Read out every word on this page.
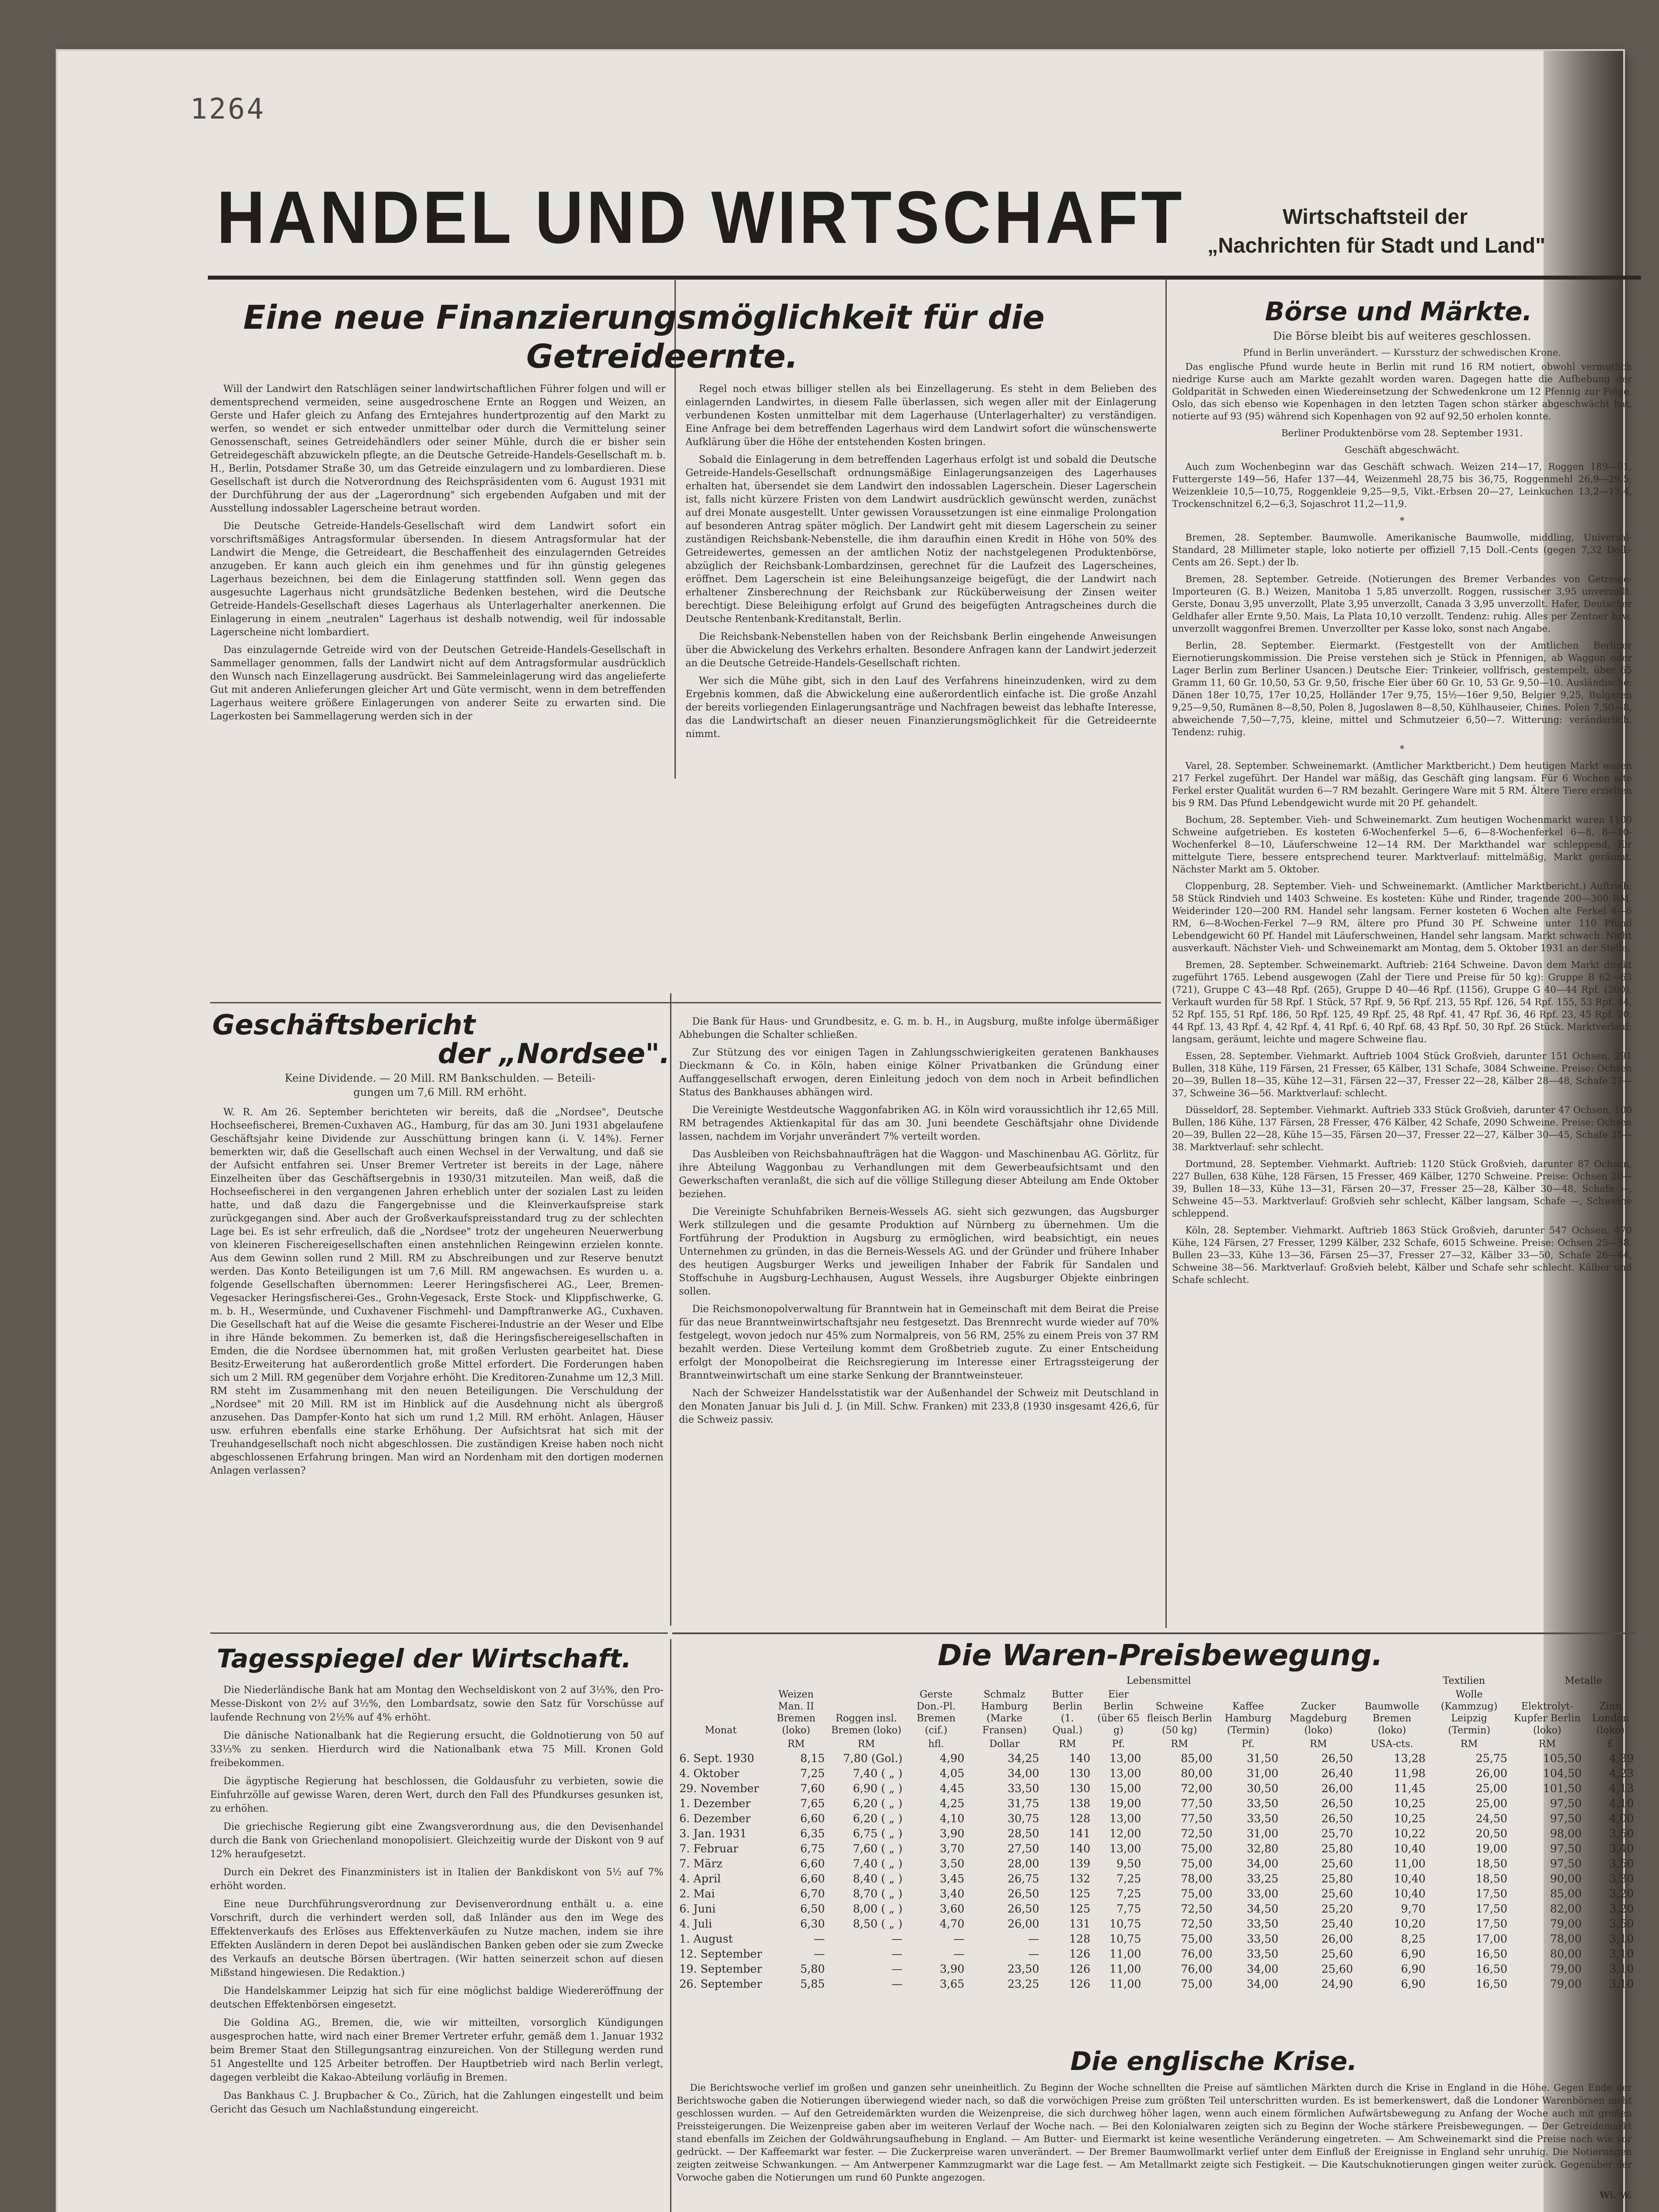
1264
HANDEL UND WIRTSCHAFT	Wirtschaftsteil der
„Nachrichten für Stadt und Land"
Eine neue Finanzierungsmöglichkeit für die
Getreideernte.

Will der Landwirt den Ratschlägen seiner landwirtschaftlichen Führer folgen und will er dementsprechend vermeiden, seine ausgedroschene Ernte an Roggen und Weizen, an Gerste und Hafer gleich zu Anfang des Erntejahres hundertprozentig auf den Markt zu werfen, so wendet er sich entweder unmittelbar oder durch die Vermittelung seiner Genossenschaft, seines Getreidehändlers oder seiner Mühle, durch die er bisher sein Getreidegeschäft abzuwickeln pflegte, an die Deutsche Getreide-Handels-Gesellschaft m. b. H., Berlin, Potsdamer Straße 30, um das Getreide einzulagern und zu lombardieren. Diese Gesellschaft ist durch die Notverordnung des Reichspräsidenten vom 6. August 1931 mit der Durchführung der aus der „Lagerordnung" sich ergebenden Aufgaben und mit der Ausstellung indossabler Lagerscheine betraut worden.

Die Deutsche Getreide-Handels-Gesellschaft wird dem Landwirt sofort ein vorschriftsmäßiges Antragsformular übersenden. In diesem Antragsformular hat der Landwirt die Menge, die Getreideart, die Beschaffenheit des einzulagernden Getreides anzugeben. Er kann auch gleich ein ihm genehmes und für ihn günstig gelegenes Lagerhaus bezeichnen, bei dem die Einlagerung stattfinden soll. Wenn gegen das ausgesuchte Lagerhaus nicht grundsätzliche Bedenken bestehen, wird die Deutsche Getreide-Handels-Gesellschaft dieses Lagerhaus als Unterlagerhalter anerkennen. Die Einlagerung in einem „neutralen" Lagerhaus ist deshalb notwendig, weil für indossable Lagerscheine nicht lombardiert.

Das einzulagernde Getreide wird von der Deutschen Getreide-Handels-Gesellschaft in Sammellager genommen, falls der Landwirt nicht auf dem Antragsformular ausdrücklich den Wunsch nach Einzellagerung ausdrückt. Bei Sammeleinlagerung wird das angelieferte Gut mit anderen Anlieferungen gleicher Art und Güte vermischt, wenn in dem betreffenden Lagerhaus weitere größere Einlagerungen von anderer Seite zu erwarten sind. Die Lagerkosten bei Sammellagerung werden sich in der

Regel noch etwas billiger stellen als bei Einzellagerung. Es steht in dem Belieben des einlagernden Landwirtes, in diesem Falle überlassen, sich wegen aller mit der Einlagerung verbundenen Kosten unmittelbar mit dem Lagerhause (Unterlagerhalter) zu verständigen. Eine Anfrage bei dem betreffenden Lagerhaus wird dem Landwirt sofort die wünschenswerte Aufklärung über die Höhe der entstehenden Kosten bringen.

Sobald die Einlagerung in dem betreffenden Lagerhaus erfolgt ist und sobald die Deutsche Getreide-Handels-Gesellschaft ordnungsmäßige Einlagerungsanzeigen des Lagerhauses erhalten hat, übersendet sie dem Landwirt den indossablen Lagerschein. Dieser Lagerschein ist, falls nicht kürzere Fristen von dem Landwirt ausdrücklich gewünscht werden, zunächst auf drei Monate ausgestellt. Unter gewissen Voraussetzungen ist eine einmalige Prolongation auf besonderen Antrag später möglich. Der Landwirt geht mit diesem Lagerschein zu seiner zuständigen Reichsbank-Nebenstelle, die ihm daraufhin einen Kredit in Höhe von 50% des Getreidewertes, gemessen an der amtlichen Notiz der nachstgelegenen Produktenbörse, abzüglich der Reichsbank-Lombardzinsen, gerechnet für die Laufzeit des Lagerscheines, eröffnet. Dem Lagerschein ist eine Beleihungsanzeige beigefügt, die der Landwirt nach erhaltener Zinsberechnung der Reichsbank zur Rücküberweisung der Zinsen weiter berechtigt. Diese Beleihigung erfolgt auf Grund des beigefügten Antragscheines durch die Deutsche Rentenbank-Kreditanstalt, Berlin.

Die Reichsbank-Nebenstellen haben von der Reichsbank Berlin eingehende Anweisungen über die Abwickelung des Verkehrs erhalten. Besondere Anfragen kann der Landwirt jederzeit an die Deutsche Getreide-Handels-Gesellschaft richten.

Wer sich die Mühe gibt, sich in den Lauf des Verfahrens hineinzudenken, wird zu dem Ergebnis kommen, daß die Abwickelung eine außerordentlich einfache ist. Die große Anzahl der bereits vorliegenden Einlagerungsanträge und Nachfragen beweist das lebhafte Interesse, das die Landwirtschaft an dieser neuen Finanzierungsmöglichkeit für die Getreideernte nimmt.

Geschäftsbericht
der „Nordsee".
Keine Dividende. — 20 Mill. RM Bankschulden. — Beteili-
gungen um 7,6 Mill. RM erhöht.

W. R. Am 26. September berichteten wir bereits, daß die „Nordsee", Deutsche Hochseefischerei, Bremen-Cuxhaven AG., Hamburg, für das am 30. Juni 1931 abgelaufene Geschäftsjahr keine Dividende zur Ausschüttung bringen kann (i. V. 14%). Ferner bemerkten wir, daß die Gesellschaft auch einen Wechsel in der Verwaltung, und daß sie der Aufsicht entfahren sei. Unser Bremer Vertreter ist bereits in der Lage, nähere Einzelheiten über das Geschäftsergebnis in 1930/31 mitzuteilen. Man weiß, daß die Hochseefischerei in den vergangenen Jahren erheblich unter der sozialen Last zu leiden hatte, und daß dazu die Fangergebnisse und die Kleinverkaufspreise stark zurückgegangen sind. Aber auch der Großverkaufspreisstandard trug zu der schlechten Lage bei. Es ist sehr erfreulich, daß die „Nordsee" trotz der ungeheuren Neuerwerbung von kleineren Fischereigesellschaften einen anstehnlichen Reingewinn erzielen konnte. Aus dem Gewinn sollen rund 2 Mill. RM zu Abschreibungen und zur Reserve benutzt werden. Das Konto Beteiligungen ist um 7,6 Mill. RM angewachsen. Es wurden u. a. folgende Gesellschaften übernommen: Leerer Heringsfischerei AG., Leer, Bremen-Vegesacker Heringsfischerei-Ges., Grohn-Vegesack, Erste Stock- und Klippfischwerke, G. m. b. H., Wesermünde, und Cuxhavener Fischmehl- und Dampftranwerke AG., Cuxhaven. Die Gesellschaft hat auf die Weise die gesamte Fischerei-Industrie an der Weser und Elbe in ihre Hände bekommen. Zu bemerken ist, daß die Heringsfischereigesellschaften in Emden, die die Nordsee übernommen hat, mit großen Verlusten gearbeitet hat. Diese Besitz-Erweiterung hat außerordentlich große Mittel erfordert. Die Forderungen haben sich um 2 Mill. RM gegenüber dem Vorjahre erhöht. Die Kreditoren-Zunahme um 12,3 Mill. RM steht im Zusammenhang mit den neuen Beteiligungen. Die Verschuldung der „Nordsee" mit 20 Mill. RM ist im Hinblick auf die Ausdehnung nicht als übergroß anzusehen. Das Dampfer-Konto hat sich um rund 1,2 Mill. RM erhöht. Anlagen, Häuser usw. erfuhren ebenfalls eine starke Erhöhung. Der Aufsichtsrat hat sich mit der Treuhandgesellschaft noch nicht abgeschlossen. Die zuständigen Kreise haben noch nicht abgeschlossenen Erfahrung bringen. Man wird an Nordenham mit den dortigen modernen Anlagen verlassen?

Tagesspiegel der Wirtschaft.

Die Niederländische Bank hat am Montag den Wechseldiskont von 2 auf 3⅓%, den Pro-Messe-Diskont von 2½ auf 3½%, den Lombardsatz, sowie den Satz für Vorschüsse auf laufende Rechnung von 2½% auf 4% erhöht.

Die dänische Nationalbank hat die Regierung ersucht, die Goldnotierung von 50 auf 33⅓% zu senken. Hierdurch wird die Nationalbank etwa 75 Mill. Kronen Gold freibekommen.

Die ägyptische Regierung hat beschlossen, die Goldausfuhr zu verbieten, sowie die Einfuhrzölle auf gewisse Waren, deren Wert, durch den Fall des Pfundkurses gesunken ist, zu erhöhen.

Die griechische Regierung gibt eine Zwangsverordnung aus, die den Devisenhandel durch die Bank von Griechenland monopolisiert. Gleichzeitig wurde der Diskont von 9 auf 12% heraufgesetzt.

Durch ein Dekret des Finanzministers ist in Italien der Bankdiskont von 5½ auf 7% erhöht worden.

Eine neue Durchführungsverordnung zur Devisenverordnung enthält u. a. eine Vorschrift, durch die verhindert werden soll, daß Inländer aus den im Wege des Effektenverkaufs des Erlöses aus Effektenverkäufen zu Nutze machen, indem sie ihre Effekten Ausländern in deren Depot bei ausländischen Banken geben oder sie zum Zwecke des Verkaufs an deutsche Börsen übertragen. (Wir hatten seinerzeit schon auf diesen Mißstand hingewiesen. Die Redaktion.)

Die Handelskammer Leipzig hat sich für eine möglichst baldige Wiedereröffnung der deutschen Effektenbörsen eingesetzt.

Die Goldina AG., Bremen, die, wie wir mitteilten, vorsorglich Kündigungen ausgesprochen hatte, wird nach einer Bremer Vertreter erfuhr, gemäß dem 1. Januar 1932 beim Bremer Staat den Stillegungsantrag einzureichen. Von der Stillegung werden rund 51 Angestellte und 125 Arbeiter betroffen. Der Hauptbetrieb wird nach Berlin verlegt, dagegen verbleibt die Kakao-Abteilung vorläufig in Bremen.

Das Bankhaus C. J. Brupbacher & Co., Zürich, hat die Zahlungen eingestellt und beim Gericht das Gesuch um Nachlaßstundung eingereicht.

Die Bank für Haus- und Grundbesitz, e. G. m. b. H., in Augsburg, mußte infolge übermäßiger Abhebungen die Schalter schließen.

Zur Stützung des vor einigen Tagen in Zahlungsschwierigkeiten geratenen Bankhauses Dieckmann & Co. in Köln, haben einige Kölner Privatbanken die Gründung einer Auffanggesellschaft erwogen, deren Einleitung jedoch von dem noch in Arbeit befindlichen Status des Bankhauses abhängen wird.

Die Vereinigte Westdeutsche Waggonfabriken AG. in Köln wird voraussichtlich ihr 12,65 Mill. RM betragendes Aktienkapital für das am 30. Juni beendete Geschäftsjahr ohne Dividende lassen, nachdem im Vorjahr unverändert 7% verteilt worden.

Das Ausbleiben von Reichsbahnaufträgen hat die Waggon- und Maschinenbau AG. Görlitz, für ihre Abteilung Waggonbau zu Verhandlungen mit dem Gewerbeaufsichtsamt und den Gewerkschaften veranlaßt, die sich auf die völlige Stillegung dieser Abteilung am Ende Oktober beziehen.

Die Vereinigte Schuhfabriken Berneis-Wessels AG. sieht sich gezwungen, das Augsburger Werk stillzulegen und die gesamte Produktion auf Nürnberg zu übernehmen. Um die Fortführung der Produktion in Augsburg zu ermöglichen, wird beabsichtigt, ein neues Unternehmen zu gründen, in das die Berneis-Wessels AG. und der Gründer und frühere Inhaber des heutigen Augsburger Werks und jeweiligen Inhaber der Fabrik für Sandalen und Stoffschuhe in Augsburg-Lechhausen, August Wessels, ihre Augsburger Objekte einbringen sollen.

Die Reichsmonopolverwaltung für Branntwein hat in Gemeinschaft mit dem Beirat die Preise für das neue Branntweinwirtschaftsjahr neu festgesetzt. Das Brennrecht wurde wieder auf 70% festgelegt, wovon jedoch nur 45% zum Normalpreis, von 56 RM, 25% zu einem Preis von 37 RM bezahlt werden. Diese Verteilung kommt dem Großbetrieb zugute. Zu einer Entscheidung erfolgt der Monopolbeirat die Reichsregierung im Interesse einer Ertragssteigerung der Branntweinwirtschaft um eine starke Senkung der Branntweinsteuer.

Nach der Schweizer Handelsstatistik war der Außenhandel der Schweiz mit Deutschland in den Monaten Januar bis Juli d. J. (in Mill. Schw. Franken) mit 233,8 (1930 insgesamt 426,6, für die Schweiz passiv.

Börse und Märkte.
Die Börse bleibt bis auf weiteres geschlossen.
Pfund in Berlin unverändert. — Kurssturz der schwedischen Krone.

Das englische Pfund wurde heute in Berlin mit rund 16 RM notiert, obwohl vermutlich niedrige Kurse auch am Markte gezahlt worden waren. Dagegen hatte die Aufhebung der Goldparität in Schweden einen Wiedereinsetzung der Schwedenkrone um 12 Pfennig zur Folge. Oslo, das sich ebenso wie Kopenhagen in den letzten Tagen schon stärker abgeschwächt hat, notierte auf 93 (95) während sich Kopenhagen von 92 auf 92,50 erholen konnte.

Berliner Produktenbörse vom 28. September 1931.

Geschäft abgeschwächt.

Auch zum Wochenbeginn war das Geschäft schwach. Weizen 214—17, Roggen 189—91, Futtergerste 149—56, Hafer 137—44, Weizenmehl 28,75 bis 36,75, Roggenmehl 26,9—29,5, Weizenkleie 10,5—10,75, Roggenkleie 9,25—9,5, Vikt.-Erbsen 20—27, Leinkuchen 13,2—13,4, Trockenschnitzel 6,2—6,3, Sojaschrot 11,2—11,9.

*

Bremen, 28. September. Baumwolle. Amerikanische Baumwolle, middling, Universal-Standard, 28 Millimeter staple, loko notierte per offiziell 7,15 Doll.-Cents (gegen 7,32 Doll.-Cents am 26. Sept.) der lb.

Bremen, 28. September. Getreide. (Notierungen des Bremer Verbandes von Getreide-Importeuren (G. B.) Weizen, Manitoba 1 5,85 unverzollt. Roggen, russischer 3,95 unverzollt. Gerste, Donau 3,95 unverzollt, Plate 3,95 unverzollt, Canada 3 3,95 unverzollt. Hafer, Deutscher Geldhafer aller Ernte 9,50. Mais, La Plata 10,10 verzollt. Tendenz: ruhig. Alles per Zentner bzw. unverzollt waggonfrei Bremen. Unverzollter per Kasse loko, sonst nach Angabe.

Berlin, 28. September. Eiermarkt. (Festgestellt von der Amtlichen Berliner Eiernotierungskommission. Die Preise verstehen sich je Stück in Pfennigen, ab Waggon oder Lager Berlin zum Berliner Usancen.) Deutsche Eier: Trinkeier, vollfrisch, gestempelt, über 65 Gramm 11, 60 Gr. 10,50, 53 Gr. 9,50, frische Eier über 60 Gr. 10, 53 Gr. 9,50—10. Ausländische: Dänen 18er 10,75, 17er 10,25, Holländer 17er 9,75, 15½—16er 9,50, Belgier 9,25, Bulgaren 9,25—9,50, Rumänen 8—8,50, Polen 8, Jugoslawen 8—8,50, Kühlhauseier, Chines. Polen 7,50—8, abweichende 7,50—7,75, kleine, mittel und Schmutzeier 6,50—7. Witterung: veränderlich. Tendenz: ruhig.

*

Varel, 28. September. Schweinemarkt. (Amtlicher Marktbericht.) Dem heutigen Markt waren 217 Ferkel zugeführt. Der Handel war mäßig, das Geschäft ging langsam. Für 6 Wochen alte Ferkel erster Qualität wurden 6—7 RM bezahlt. Geringere Ware mit 5 RM. Ältere Tiere erzielten bis 9 RM. Das Pfund Lebendgewicht wurde mit 20 Pf. gehandelt.

Bochum, 28. September. Vieh- und Schweinemarkt. Zum heutigen Wochenmarkt waren 1100 Schweine aufgetrieben. Es kosteten 6-Wochenferkel 5—6, 6—8-Wochenferkel 6—8, 8—10-Wochenferkel 8—10, Läuferschweine 12—14 RM. Der Markthandel war schleppend, für mittelgute Tiere, bessere entsprechend teurer. Marktverlauf: mittelmäßig, Markt geräumt. Nächster Markt am 5. Oktober.

Cloppenburg, 28. September. Vieh- und Schweinemarkt. (Amtlicher Marktbericht.) Auftrieb: 58 Stück Rindvieh und 1403 Schweine. Es kosteten: Kühe und Rinder, tragende 200—300 RM. Weiderinder 120—200 RM. Handel sehr langsam. Ferner kosteten 6 Wochen alte Ferkel 4—6 RM, 6—8-Wochen-Ferkel 7—9 RM, ältere pro Pfund 30 Pf. Schweine unter 110 Pfund Lebendgewicht 60 Pf. Handel mit Läuferschweinen, Handel sehr langsam. Markt schwach. Nicht ausverkauft. Nächster Vieh- und Schweinemarkt am Montag, dem 5. Oktober 1931 an der Stelle.

Bremen, 28. September. Schweinemarkt. Auftrieb: 2164 Schweine. Davon dem Markt direkt zugeführt 1765. Lebend ausgewogen (Zahl der Tiere und Preise für 50 kg): Gruppe B 62—63 (721), Gruppe C 43—48 Rpf. (265), Gruppe D 40—46 Rpf. (1156), Gruppe G 40—44 Rpf. (200). Verkauft wurden für 58 Rpf. 1 Stück, 57 Rpf. 9, 56 Rpf. 213, 55 Rpf. 126, 54 Rpf. 155, 53 Rpf. 44, 52 Rpf. 155, 51 Rpf. 186, 50 Rpf. 125, 49 Rpf. 25, 48 Rpf. 41, 47 Rpf. 36, 46 Rpf. 23, 45 Rpf. 20, 44 Rpf. 13, 43 Rpf. 4, 42 Rpf. 4, 41 Rpf. 6, 40 Rpf. 68, 43 Rpf. 50, 30 Rpf. 26 Stück. Marktverlauf: langsam, geräumt, leichte und magere Schweine flau.

Essen, 28. September. Viehmarkt. Auftrieb 1004 Stück Großvieh, darunter 151 Ochsen, 291 Bullen, 318 Kühe, 119 Färsen, 21 Fresser, 65 Kälber, 131 Schafe, 3084 Schweine. Preise: Ochsen 20—39, Bullen 18—35, Kühe 12—31, Färsen 22—37, Fresser 22—28, Kälber 28—48, Schafe 27—37, Schweine 36—56. Marktverlauf: schlecht.

Düsseldorf, 28. September. Viehmarkt. Auftrieb 333 Stück Großvieh, darunter 47 Ochsen, 100 Bullen, 186 Kühe, 137 Färsen, 28 Fresser, 476 Kälber, 42 Schafe, 2090 Schweine. Preise: Ochsen 20—39, Bullen 22—28, Kühe 15—35, Färsen 20—37, Fresser 22—27, Kälber 30—45, Schafe 35—38. Marktverlauf: sehr schlecht.

Dortmund, 28. September. Viehmarkt. Auftrieb: 1120 Stück Großvieh, darunter 87 Ochsen, 227 Bullen, 638 Kühe, 128 Färsen, 15 Fresser, 469 Kälber, 1270 Schweine. Preise: Ochsen 20—39, Bullen 18—33, Kühe 13—31, Färsen 20—37, Fresser 25—28, Kälber 30—48, Schafe —, Schweine 45—53. Marktverlauf: Großvieh sehr schlecht, Kälber langsam, Schafe —, Schweine schleppend.

Köln, 28. September. Viehmarkt. Auftrieb 1863 Stück Großvieh, darunter 547 Ochsen, 470 Kühe, 124 Färsen, 27 Fresser, 1299 Kälber, 232 Schafe, 6015 Schweine. Preise: Ochsen 25—38, Bullen 23—33, Kühe 13—36, Färsen 25—37, Fresser 27—32, Kälber 33—50, Schafe 26—44, Schweine 38—56. Marktverlauf: Großvieh belebt, Kälber und Schafe sehr schlecht. Kälber und Schafe schlecht.

Die Waren-Preisbewegung.
Lebensmittel	Textilien	Metalle
Monat	Weizen Man. II Bremen (loko)	Roggen insl. Bremen (loko)	Gerste Don.-Pl. Bremen (cif.)	Schmalz Hamburg (Marke Fransen)	Butter Berlin (1. Qual.)	Eier Berlin (über 65 g)	Schweine fleisch Berlin (50 kg)	Kaffee Hamburg (Termin)	Zucker Magdeburg (loko)	Baumwolle Bremen (loko)	Wolle (Kammzug) Leipzig (Termin)	Elektrolyt-Kupfer Berlin (loko)	Zinn London (loko)
	RM	RM	hfl.	Dollar	RM	Pf.	RM	Pf.	RM	USA-cts.	RM	RM	£
6. Sept. 1930	8,15	7,80 (Gol.)	4,90	34,25	140	13,00	85,00	31,50	26,50	13,28	25,75	105,50	4,39
4. Oktober	7,25	7,40 ( „ )	4,05	34,00	130	13,00	80,00	31,00	26,40	11,98	26,00	104,50	4,23
29. November	7,60	6,90 ( „ )	4,45	33,50	130	15,00	72,00	30,50	26,00	11,45	25,00	101,50	4,13
1. Dezember	7,65	6,20 ( „ )	4,25	31,75	138	19,00	77,50	33,50	26,50	10,25	25,00	97,50	4,10
6. Dezember	6,60	6,20 ( „ )	4,10	30,75	128	13,00	77,50	33,50	26,50	10,25	24,50	97,50	4,00
3. Jan. 1931	6,35	6,75 ( „ )	3,90	28,50	141	12,00	72,50	31,00	25,70	10,22	20,50	98,00	3,50
7. Februar	6,75	7,60 ( „ )	3,70	27,50	140	13,00	75,00	32,80	25,80	10,40	19,00	97,50	3,40
7. März	6,60	7,40 ( „ )	3,50	28,00	139	9,50	75,00	34,00	25,60	11,00	18,50	97,50	3,50
4. April	6,60	8,40 ( „ )	3,45	26,75	132	7,25	78,00	33,25	25,80	10,40	18,50	90,00	3,30
2. Mai	6,70	8,70 ( „ )	3,40	26,50	125	7,25	75,00	33,00	25,60	10,40	17,50	85,00	3,20
6. Juni	6,50	8,00 ( „ )	3,60	26,50	125	7,75	72,50	34,50	25,20	9,70	17,50	82,00	3,20
4. Juli	6,30	8,50 ( „ )	4,70	26,00	131	10,75	72,50	33,50	25,40	10,20	17,50	79,00	3,50
1. August	—	—	—	—	128	10,75	75,00	33,50	26,00	8,25	17,00	78,00	3,10
12. September	—	—	—	—	126	11,00	76,00	33,50	25,60	6,90	16,50	80,00	3,10
19. September	5,80	—	3,90	23,50	126	11,00	76,00	34,00	25,60	6,90	16,50	79,00	3,10
26. September	5,85	—	3,65	23,25	126	11,00	75,00	34,00	24,90	6,90	16,50	79,00	3,10
Die englische Krise.

Die Berichtswoche verlief im großen und ganzen sehr uneinheitlich. Zu Beginn der Woche schnellten die Preise auf sämtlichen Märkten durch die Krise in England in die Höhe. Gegen Ende der Berichtswoche gaben die Notierungen überwiegend wieder nach, so daß die vorwöchigen Preise zum größten Teil unterschritten wurden. Es ist bemerkenswert, daß die Londoner Warenbörsen nicht geschlossen wurden. — Auf den Getreidemärkten wurden die Weizenpreise, die sich durchweg höher lagen, wenn auch einem förmlichen Aufwärtsbewegung zu Anfang der Woche auch mit großen Preissteigerungen. Die Weizenpreise gaben aber im weiteren Verlauf der Woche nach. — Bei den Kolonialwaren zeigten sich zu Beginn der Woche stärkere Preisbewegungen. — Der Getreidemarkt stand ebenfalls im Zeichen der Goldwährungsaufhebung in England. — Am Butter- und Eiermarkt ist keine wesentliche Veränderung eingetreten. — Am Schweinemarkt sind die Preise nach wie vor gedrückt. — Der Kaffeemarkt war fester. — Die Zuckerpreise waren unverändert. — Der Bremer Baumwollmarkt verlief unter dem Einfluß der Ereignisse in England sehr unruhig. Die Notierungen zeigten zeitweise Schwankungen. — Am Antwerpener Kammzugmarkt war die Lage fest. — Am Metallmarkt zeigte sich Festigkeit. — Die Kautschuknotierungen gingen weiter zurück. Gegenüber der Vorwoche gaben die Notierungen um rund 60 Punkte angezogen.

Wi. W.
